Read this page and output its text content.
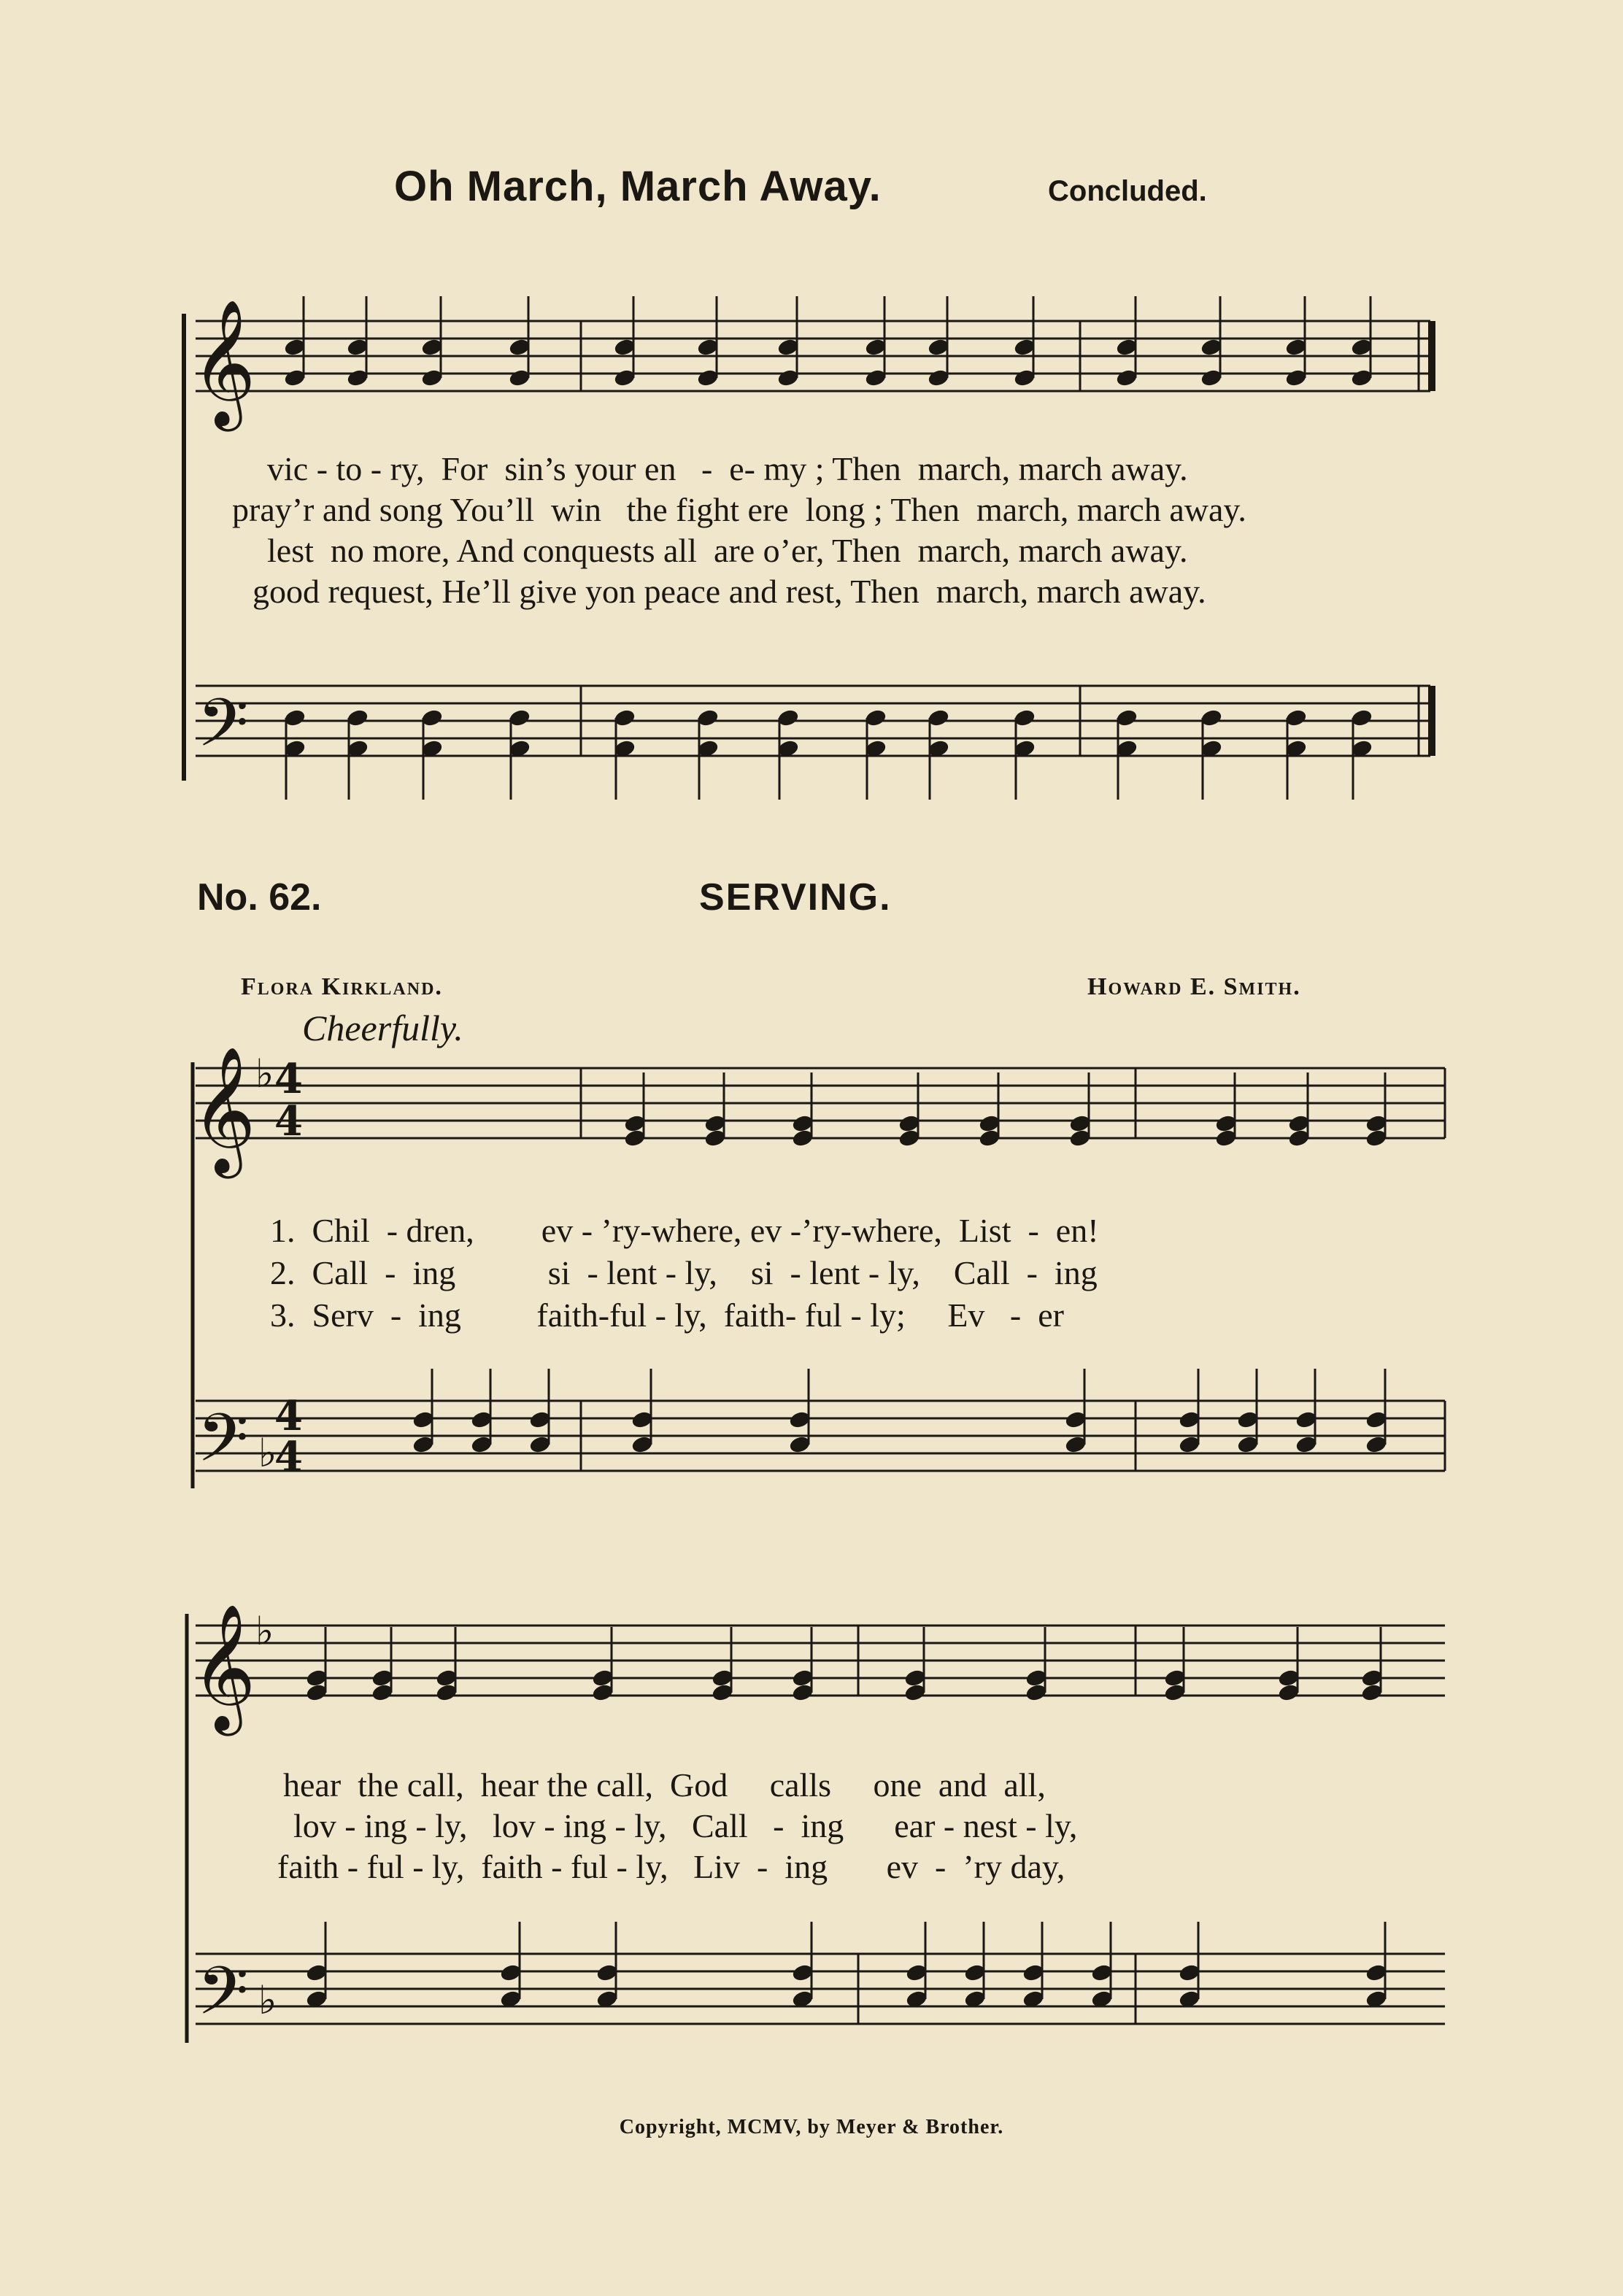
Oh March, March Away.	Concluded.
vic - to - ry,  For  sin’s your en   -  e- my ; Then  march, march away.
pray’r and song You’ll  win   the fight ere  long ; Then  march, march away.
lest  no more, And conquests all  are o’er, Then  march, march away.
good request, He’ll give yon peace and rest, Then  march, march away.
No. 62.	SERVING.
Flora Kirkland.	Howard E. Smith.
Cheerfully.
1.  Chil  - dren,        ev - ’ry-where, ev -’ry-where,  List  -  en!
2.  Call  -  ing           si  - lent - ly,    si  - lent - ly,    Call  -  ing
3.  Serv  -  ing         faith-ful - ly,  faith- ful - ly;     Ev   -  er
hear  the call,  hear the call,  God     calls     one  and  all,
lov - ing - ly,   lov - ing - ly,   Call   -  ing      ear - nest - ly,
faith - ful - ly,  faith - ful - ly,   Liv  -  ing       ev  -  ’ry day,
Copyright, MCMV, by Meyer & Brother.
𝄞
𝄢
𝄞
𝄢
𝄞
𝄢
4
4
4
4
♭
♭
♭
♭
